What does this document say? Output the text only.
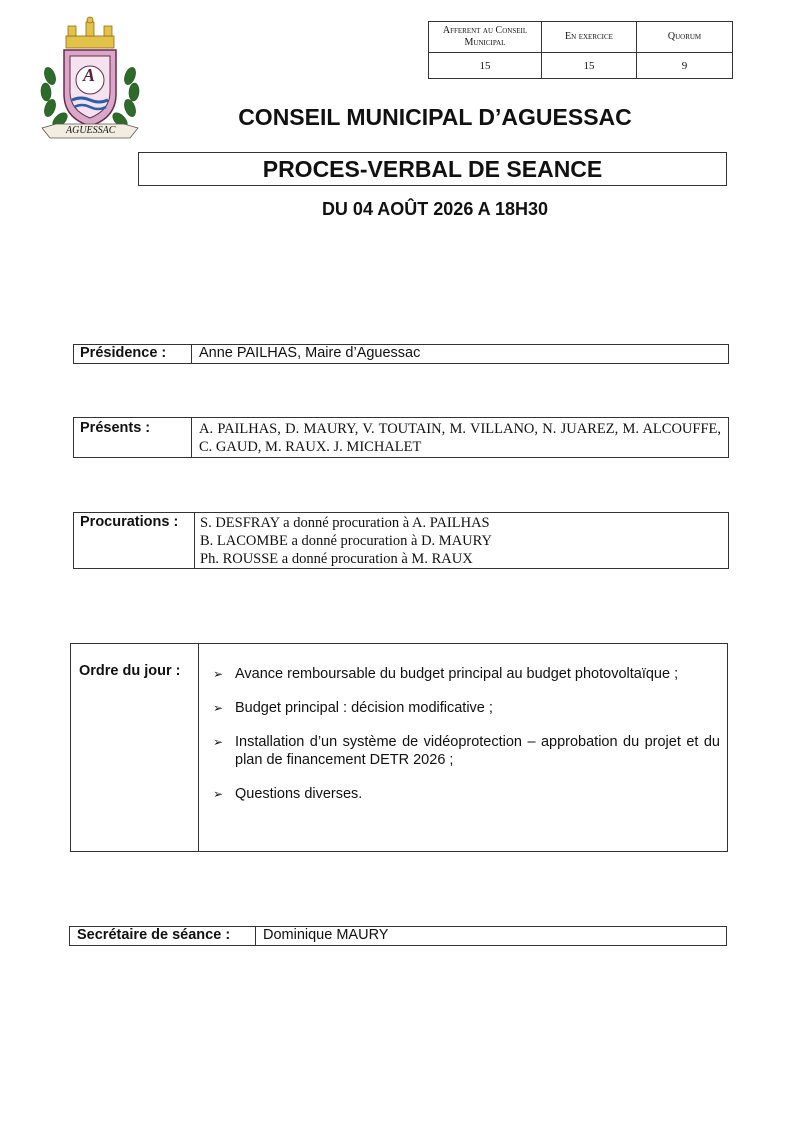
A
AGUESSAC
Afferent au Conseil Municipal	En exercice	Quorum
15	15	9
CONSEIL MUNICIPAL D’AGUESSAC
PROCES-VERBAL DE SEANCE
DU 04 AOÛT 2026 A 18H30
Présidence : Anne PAILHAS, Maire d’Aguessac
Présents :	A. PAILHAS, D. MAURY, V. TOUTAIN, M. VILLANO, N. JUAREZ, M. ALCOUFFE, C. GAUD, M. RAUX. J. MICHALET
Procurations : S. DESFRAY a donné procuration à A. PAILHAS
B. LACOMBE a donné procuration à D. MAURY
Ph. ROUSSE a donné procuration à M. RAUX
Ordre du jour :	➢ Avance remboursable du budget principal au budget photovoltaïque ;
➢ Budget principal : décision modificative ;
➢ Installation d’un système de vidéoprotection – approbation du projet et du plan de financement DETR 2026 ;
➢ Questions diverses.
Secrétaire de séance : Dominique MAURY
